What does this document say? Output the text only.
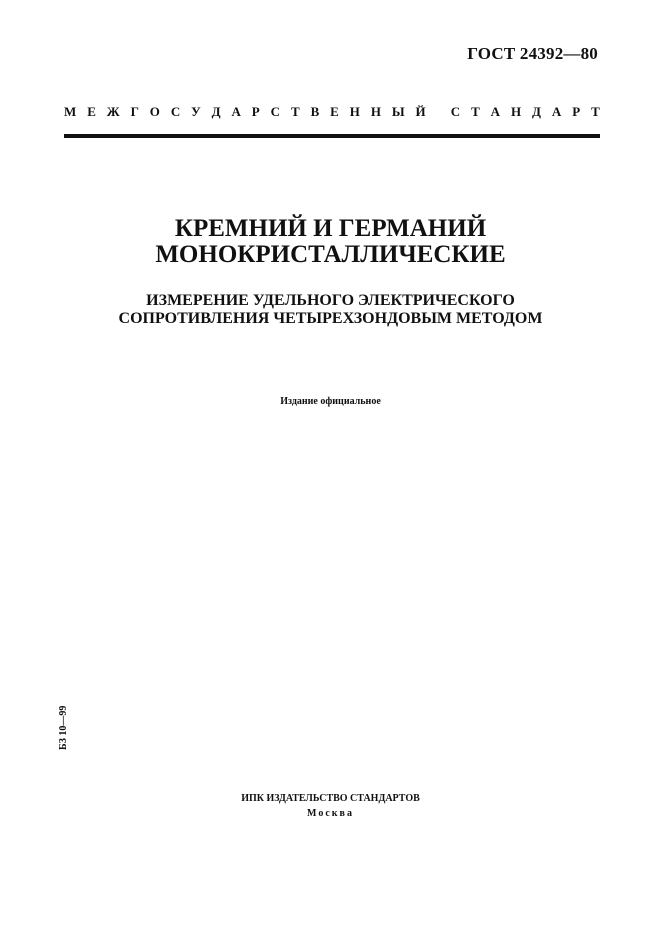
ГОСТ 24392—80
М Е Ж Г О С У Д А Р С Т В Е Н Н Ы Й
С Т А Н Д А Р Т
КРЕМНИЙ И ГЕРМАНИЙ
МОНОКРИСТАЛЛИЧЕСКИЕ
ИЗМЕРЕНИЕ УДЕЛЬНОГО ЭЛЕКТРИЧЕСКОГО
СОПРОТИВЛЕНИЯ ЧЕТЫРЕХЗОНДОВЫМ МЕТОДОМ
Издание официальное
БЗ 10—99
ИПК ИЗДАТЕЛЬСТВО СТАНДАРТОВ
Москва
